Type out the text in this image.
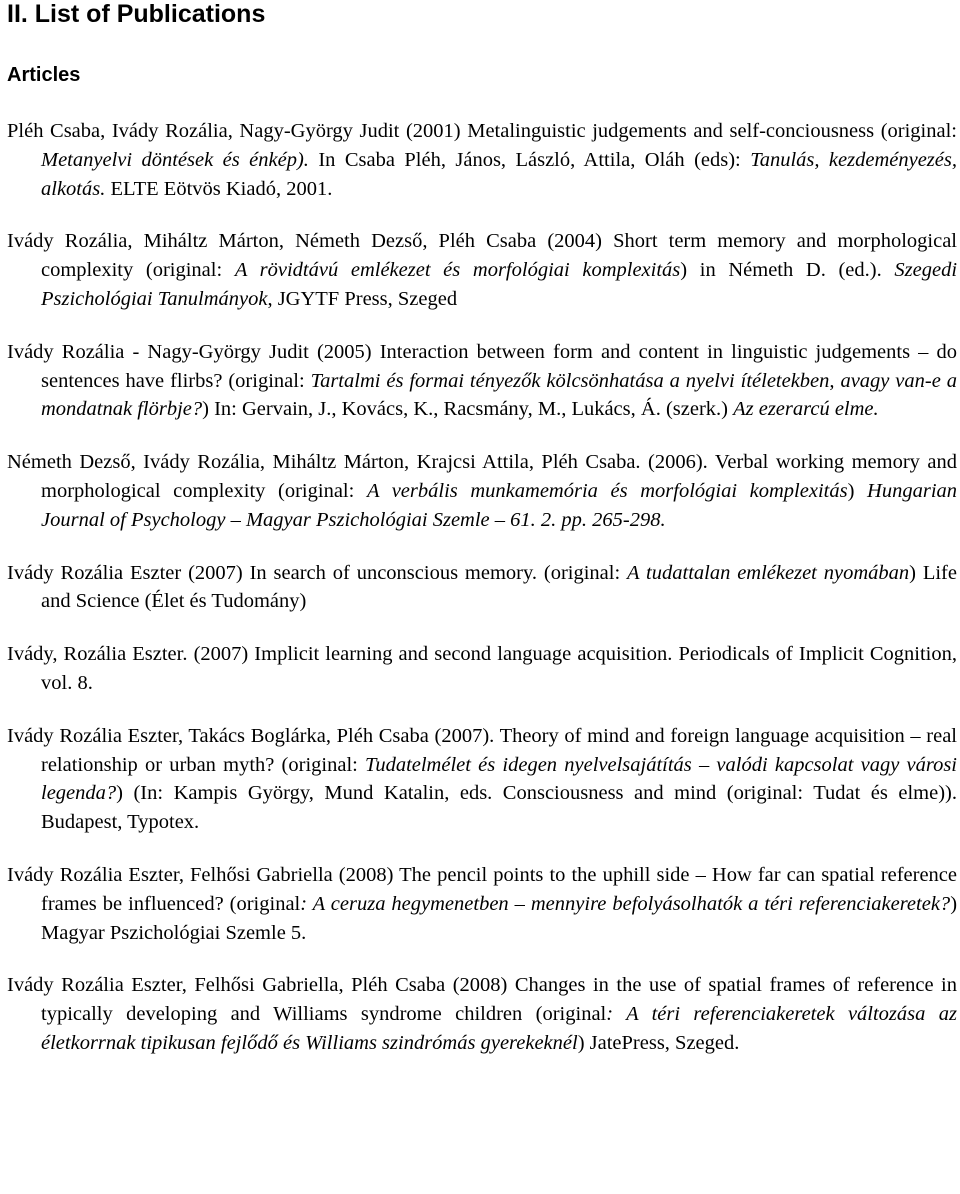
II. List of Publications
Articles

Pléh Csaba, Ivády Rozália, Nagy-György Judit (2001) Metalinguistic judgements and self-conciousness (original: Metanyelvi döntések és énkép). In Csaba Pléh, János, László, Attila, Oláh (eds): Tanulás, kezdeményezés, alkotás. ELTE Eötvös Kiadó, 2001.

Ivády Rozália, Miháltz Márton, Németh Dezső, Pléh Csaba (2004) Short term memory and morphological complexity (original: A rövidtávú emlékezet és morfológiai komplexitás) in Németh D. (ed.). Szegedi Pszichológiai Tanulmányok, JGYTF Press, Szeged

Ivády Rozália - Nagy-György Judit (2005) Interaction between form and content in linguistic judgements – do sentences have flirbs? (original: Tartalmi és formai tényezők kölcsönhatása a nyelvi ítéletekben, avagy van-e a mondatnak flörbje?) In: Gervain, J., Kovács, K., Racsmány, M., Lukács, Á. (szerk.) Az ezerarcú elme.

Németh Dezső, Ivády Rozália, Miháltz Márton, Krajcsi Attila, Pléh Csaba. (2006). Verbal working memory and morphological complexity (original: A verbális munkamemória és morfológiai komplexitás) Hungarian Journal of Psychology – Magyar Pszichológiai Szemle – 61. 2. pp. 265-298.

Ivády Rozália Eszter (2007) In search of unconscious memory. (original: A tudattalan emlékezet nyomában) Life and Science (Élet és Tudomány)

Ivády, Rozália Eszter. (2007) Implicit learning and second language acquisition. Periodicals of Implicit Cognition, vol. 8.

Ivády Rozália Eszter, Takács Boglárka, Pléh Csaba (2007). Theory of mind and foreign language acquisition – real relationship or urban myth? (original: Tudatelmélet és idegen nyelvelsajátítás – valódi kapcsolat vagy városi legenda?) (In: Kampis György, Mund Katalin, eds. Consciousness and mind (original: Tudat és elme)). Budapest, Typotex.

Ivády Rozália Eszter, Felhősi Gabriella (2008) The pencil points to the uphill side – How far can spatial reference frames be influenced? (original: A ceruza hegymenetben – mennyire befolyásolhatók a téri referenciakeretek?) Magyar Pszichológiai Szemle 5.

Ivády Rozália Eszter, Felhősi Gabriella, Pléh Csaba (2008) Changes in the use of spatial frames of reference in typically developing and Williams syndrome children (original: A téri referenciakeretek változása az életkorrnak tipikusan fejlődő és Williams szindrómás gyerekeknél) JatePress, Szeged.
